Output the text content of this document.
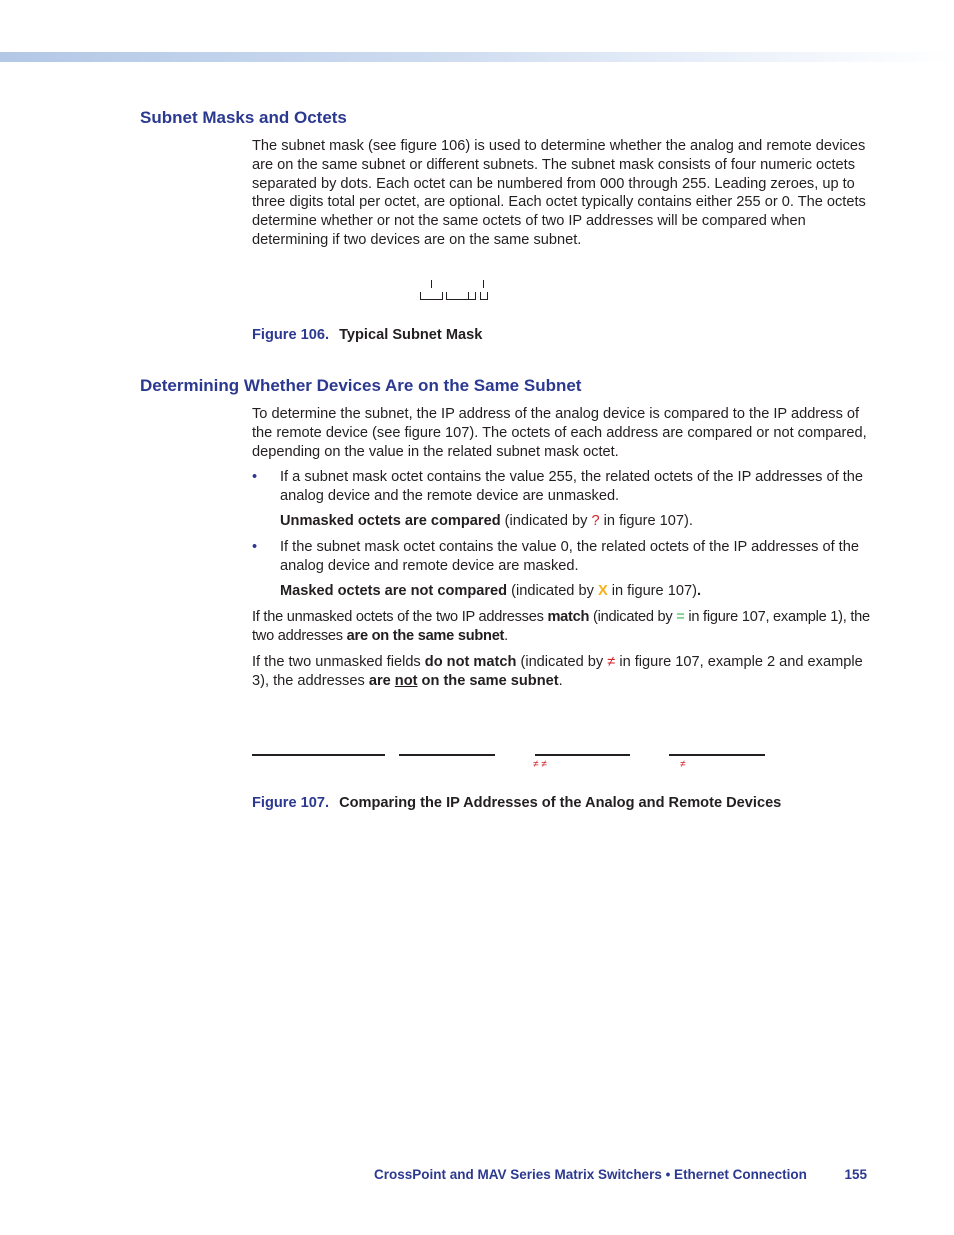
Subnet Masks and Octets

The subnet mask (see figure 106) is used to determine whether the analog and remote devices are on the same subnet or different subnets. The subnet mask consists of four numeric octets separated by dots. Each octet can be numbered from 000 through 255. Leading zeroes, up to three digits total per octet, are optional. Each octet typically contains either 255 or 0. The octets determine whether or not the same octets of two IP addresses will be compared when determining if two devices are on the same subnet.

Figure 106. Typical Subnet Mask

Determining Whether Devices Are on the Same Subnet

To determine the subnet, the IP address of the analog device is compared to the IP address of the remote device (see figure 107). The octets of each address are compared or not compared, depending on the value in the related subnet mask octet.

• If a subnet mask octet contains the value 255, the related octets of the IP addresses of the analog device and the remote device are unmasked.

Unmasked octets are compared (indicated by ? in figure 107).

• If the subnet mask octet contains the value 0, the related octets of the IP addresses of the analog device and remote device are masked.

Masked octets are not compared (indicated by X in figure 107).

If the unmasked octets of the two IP addresses match (indicated by = in figure 107, example 1), the two addresses are on the same subnet.

If the two unmasked fields do not match (indicated by ≠ in figure 107, example 2 and example 3), the addresses are not on the same subnet.

≠ ≠	≠

Figure 107. Comparing the IP Addresses of the Analog and Remote Devices

CrossPoint and MAV Series Matrix Switchers • Ethernet Connection	155
